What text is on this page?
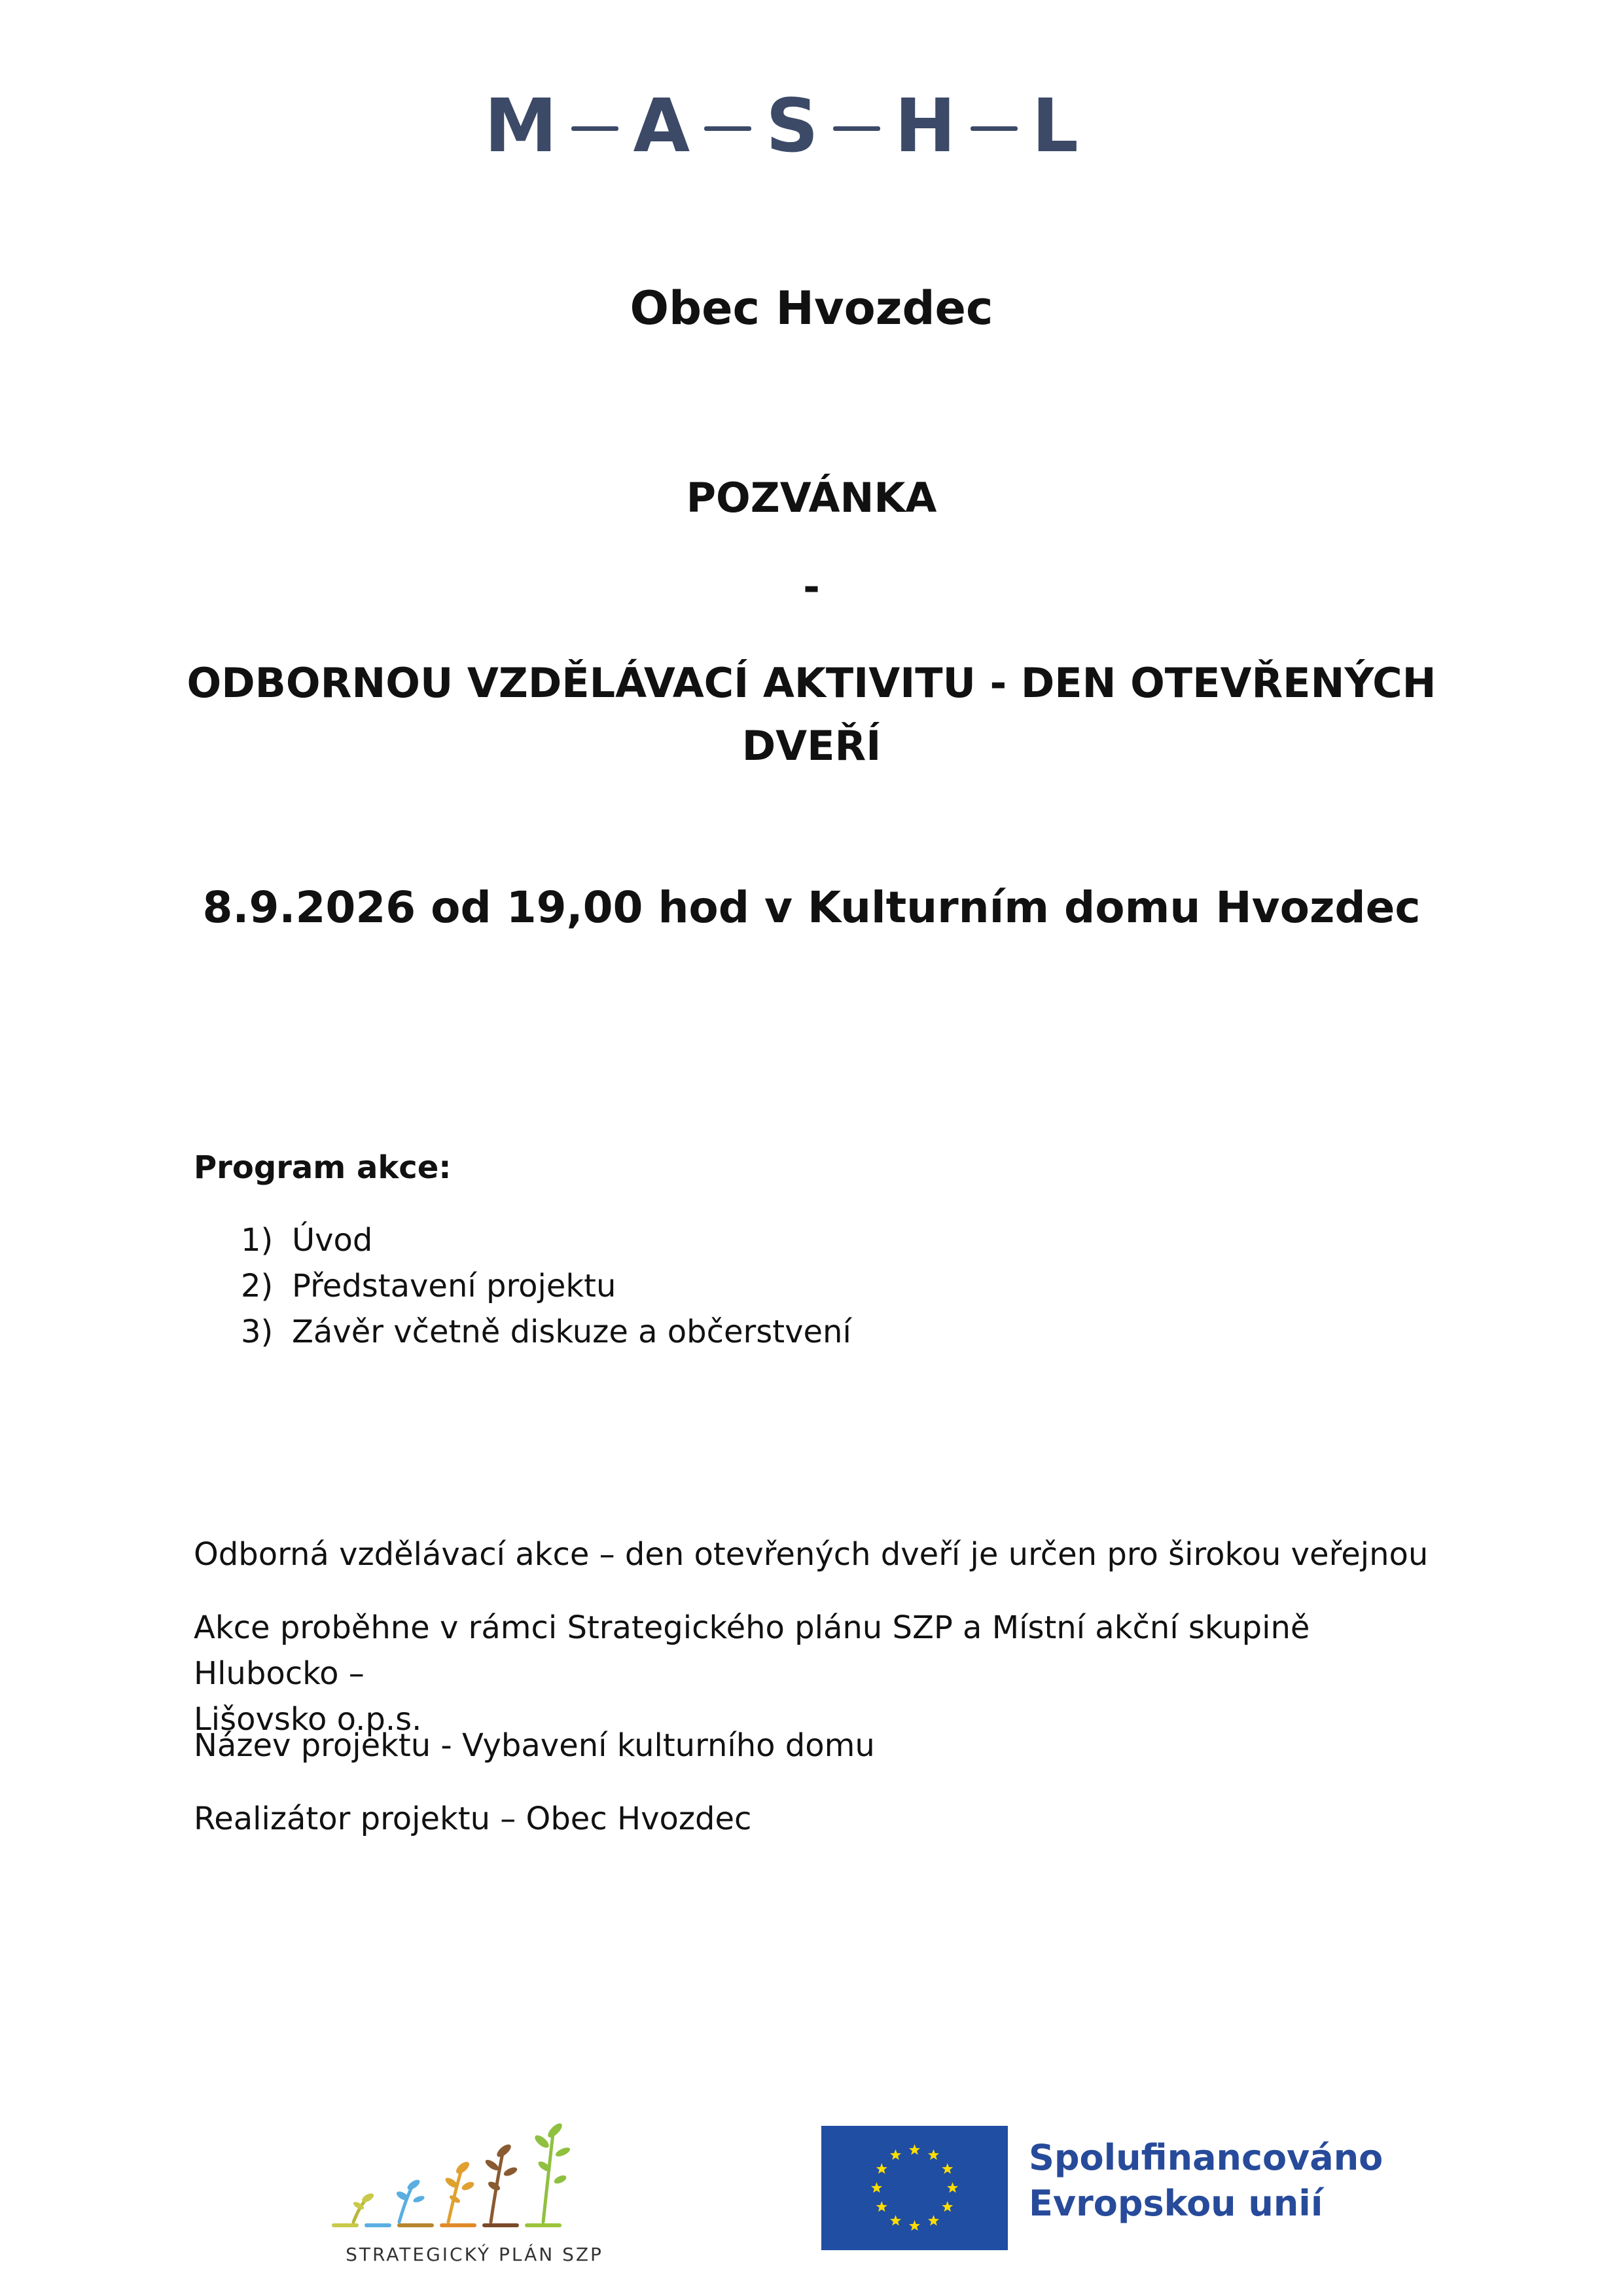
M A S H L
Obec Hvozdec
POZVÁNKA
-
ODBORNOU VZDĚLÁVACÍ AKTIVITU - DEN OTEVŘENÝCH
DVEŘÍ
8.9.2026 od 19,00 hod v Kulturním domu Hvozdec
Program akce:
1) Úvod
2) Představení projektu
3) Závěr včetně diskuze a občerstvení
Odborná vzdělávací akce – den otevřených dveří je určen pro širokou veřejnou
Akce proběhne v rámci Strategického plánu SZP a Místní akční skupině Hlubocko –
Lišovsko o.p.s.
Název projektu - Vybavení kulturního domu
Realizátor projektu – Obec Hvozdec
STRATEGICKÝ PLÁN SZP
Spolufinancováno
Evropskou unií
